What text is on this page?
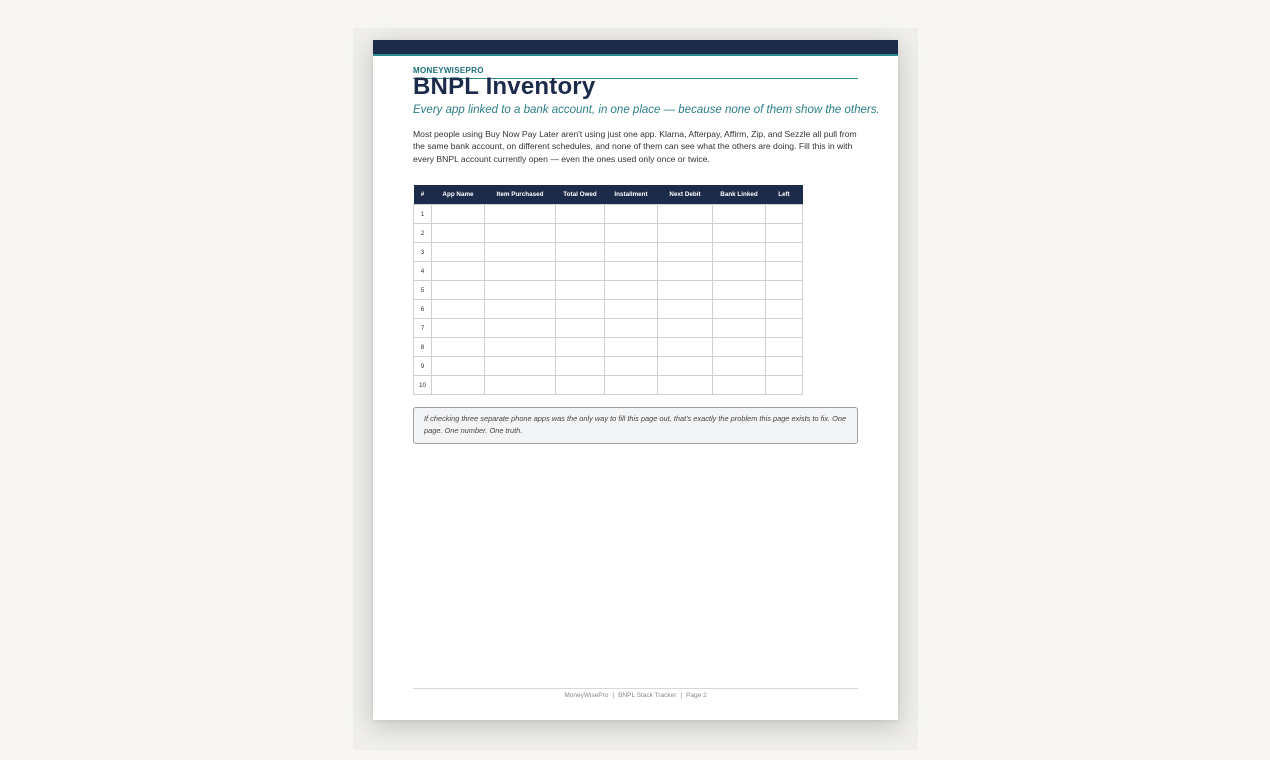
MONEYWISEPRO
BNPL Inventory
Every app linked to a bank account, in one place — because none of them show the others.
Most people using Buy Now Pay Later aren't using just one app. Klarna, Afterpay, Affirm, Zip, and Sezzle all pull from the same bank account, on different schedules, and none of them can see what the others are doing. Fill this in with every BNPL account currently open — even the ones used only once or twice.
#	App Name	Item Purchased	Total Owed	Installment	Next Debit	Bank Linked	Left
1							
2							
3							
4							
5							
6							
7							
8							
9							
10							
If checking three separate phone apps was the only way to fill this page out, that's exactly the problem this page exists to fix. One page. One number. One truth.
MoneyWisePro | BNPL Stack Tracker | Page 2
